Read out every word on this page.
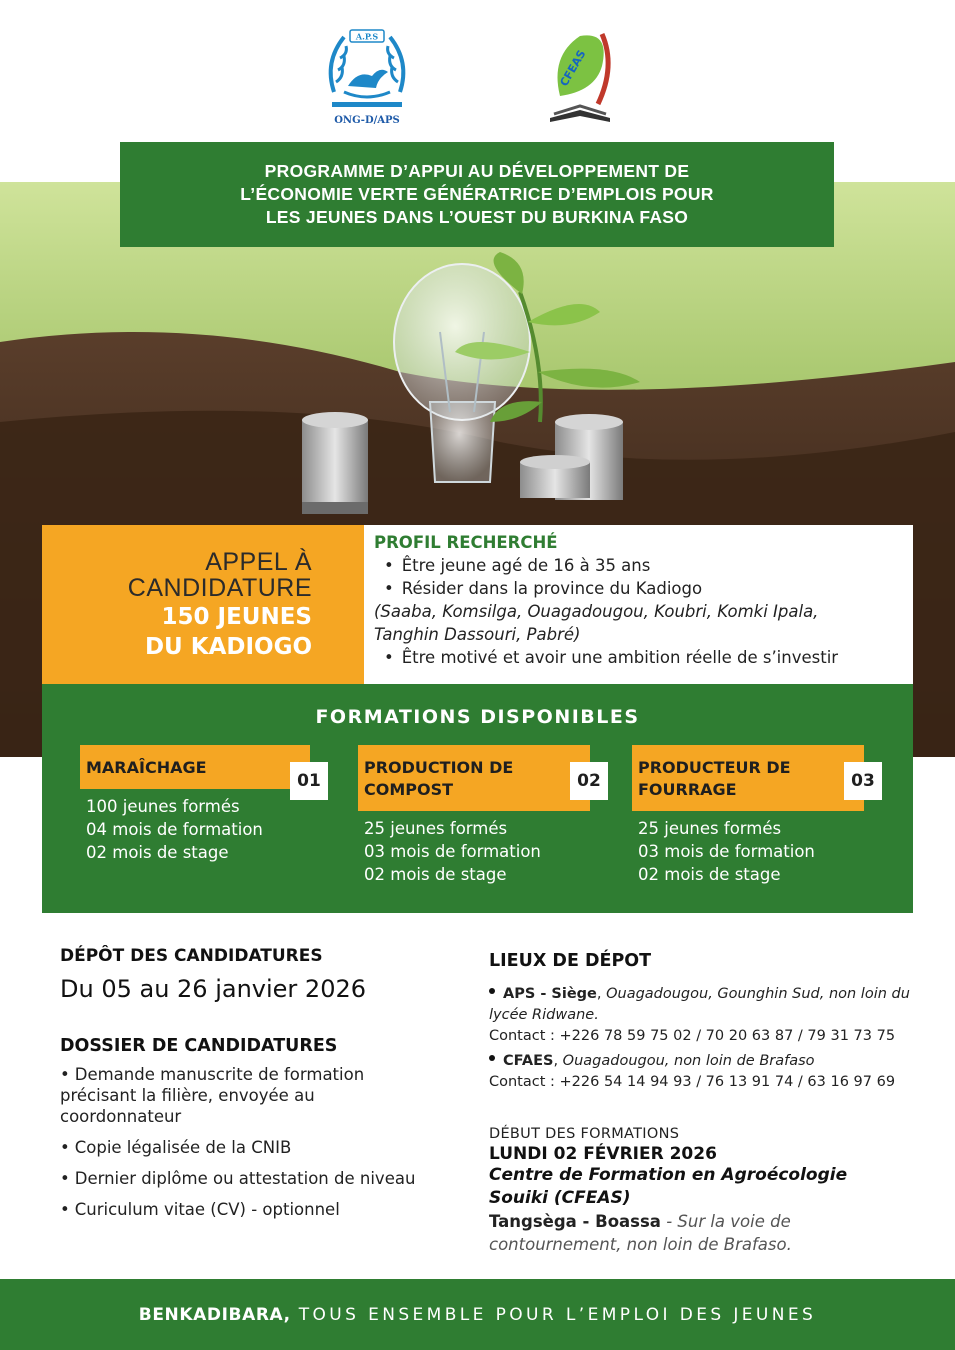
A.P.S
ONG-D/APS
CFEAS
PROGRAMME D’APPUI AU DÉVELOPPEMENT DE
L’ÉCONOMIE VERTE GÉNÉRATRICE D’EMPLOIS POUR
LES JEUNES DANS L’OUEST DU BURKINA FASO
APPEL À
CANDIDATURE
150 JEUNES
DU KADIOGO
PROFIL RECHERCHÉ
• Être jeune agé de 16 à 35 ans
• Résider dans la province du Kadiogo
(Saaba, Komsilga, Ouagadougou, Koubri, Komki Ipala,
Tanghin Dassouri, Pabré)
• Être motivé et avoir une ambition réelle de s’investir
FORMATIONS DISPONIBLES
MARAÎCHAGE
01
100 jeunes formés
04 mois de formation
02 mois de stage
PRODUCTION DE
COMPOST	02
25 jeunes formés
03 mois de formation
02 mois de stage
PRODUCTEUR DE
FOURRAGE	03
25 jeunes formés
03 mois de formation
02 mois de stage
DÉPÔT DES CANDIDATURES
Du 05 au 26 janvier 2026
DOSSIER DE CANDIDATURES
• Demande manuscrite de formation précisant la filière, envoyée au coordonnateur
• Copie légalisée de la CNIB
• Dernier diplôme ou attestation de niveau
• Curiculum vitae (CV) - optionnel
LIEUX DE DÉPOT
APS - Siège, Ouagadougou, Gounghin Sud, non loin du lycée Ridwane.
Contact : +226 78 59 75 02 / 70 20 63 87 / 79 31 73 75
CFAES, Ouagadougou, non loin de Brafaso
Contact : +226 54 14 94 93 / 76 13 91 74 / 63 16 97 69
DÉBUT DES FORMATIONS
LUNDI 02 FÉVRIER 2026
Centre de Formation en Agroécologie
Souiki (CFEAS)
Tangsèga - Boassa - Sur la voie de
contournement, non loin de Brafaso.
BENKADIBARA, TOUS ENSEMBLE POUR L’EMPLOI DES JEUNES
